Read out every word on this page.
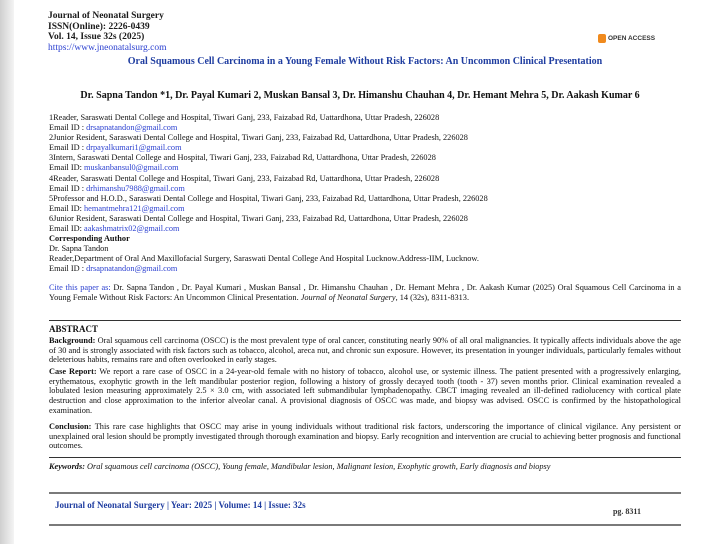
Journal of Neonatal Surgery
ISSN(Online): 2226-0439
Vol. 14, Issue 32s (2025)
https://www.jneonatalsurg.com
OPEN ACCESS
Oral Squamous Cell Carcinoma in a Young Female Without Risk Factors: An Uncommon Clinical Presentation
Dr. Sapna Tandon *1, Dr. Payal Kumari 2, Muskan Bansal 3, Dr. Himanshu Chauhan 4, Dr. Hemant Mehra 5, Dr. Aakash Kumar 6
1Reader, Saraswati Dental College and Hospital, Tiwari Ganj, 233, Faizabad Rd, Uattardhona, Uttar Pradesh, 226028
Email ID : drsapnatandon@gmail.com
2Junior Resident, Saraswati Dental College and Hospital, Tiwari Ganj, 233, Faizabad Rd, Uattardhona, Uttar Pradesh, 226028
Email ID : drpayalkumari1@gmail.com
3Intern, Saraswati Dental College and Hospital, Tiwari Ganj, 233, Faizabad Rd, Uattardhona, Uttar Pradesh, 226028
Email ID: muskanbansul0@gmail.com
4Reader, Saraswati Dental College and Hospital, Tiwari Ganj, 233, Faizabad Rd, Uattardhona, Uttar Pradesh, 226028
Email ID : drhimanshu7988@gmail.com
5Professor and H.O.D., Saraswati Dental College and Hospital, Tiwari Ganj, 233, Faizabad Rd, Uattardhona, Uttar Pradesh, 226028
Email ID: hemantmehra121@gmail.com
6Junior Resident, Saraswati Dental College and Hospital, Tiwari Ganj, 233, Faizabad Rd, Uattardhona, Uttar Pradesh, 226028
Email ID: aakashmatrix02@gmail.com
Corresponding Author
Dr. Sapna Tandon
Reader,Department of Oral And Maxillofacial Surgery, Saraswati Dental College And Hospital Lucknow.Address-IIM, Lucknow.
Email ID : drsapnatandon@gmail.com
Cite this paper as: Dr. Sapna Tandon , Dr. Payal Kumari , Muskan Bansal , Dr. Himanshu Chauhan , Dr. Hemant Mehra , Dr. Aakash Kumar (2025) Oral Squamous Cell Carcinoma in a Young Female Without Risk Factors: An Uncommon Clinical Presentation. Journal of Neonatal Surgery, 14 (32s), 8311-8313.
ABSTRACT
Background: Oral squamous cell carcinoma (OSCC) is the most prevalent type of oral cancer, constituting nearly 90% of all oral malignancies. It typically affects individuals above the age of 30 and is strongly associated with risk factors such as tobacco, alcohol, areca nut, and chronic sun exposure. However, its presentation in younger individuals, particularly females without deleterious habits, remains rare and often overlooked in early stages.
Case Report: We report a rare case of OSCC in a 24-year-old female with no history of tobacco, alcohol use, or systemic illness. The patient presented with a progressively enlarging, erythematous, exophytic growth in the left mandibular posterior region, following a history of grossly decayed tooth (tooth - 37) seven months prior. Clinical examination revealed a lobulated lesion measuring approximately 2.5 × 3.0 cm, with associated left submandibular lymphadenopathy. CBCT imaging revealed an ill-defined radiolucency with cortical plate destruction and close approximation to the inferior alveolar canal. A provisional diagnosis of OSCC was made, and biopsy was advised. OSCC is confirmed by the histopathological examination.
Conclusion: This rare case highlights that OSCC may arise in young individuals without traditional risk factors, underscoring the importance of clinical vigilance. Any persistent or unexplained oral lesion should be promptly investigated through thorough examination and biopsy. Early recognition and intervention are crucial to achieving better prognosis and functional outcomes.
Keywords: Oral squamous cell carcinoma (OSCC), Young female, Mandibular lesion, Malignant lesion, Exophytic growth, Early diagnosis and biopsy
Journal of Neonatal Surgery | Year: 2025 | Volume: 14 | Issue: 32s
pg. 8311
